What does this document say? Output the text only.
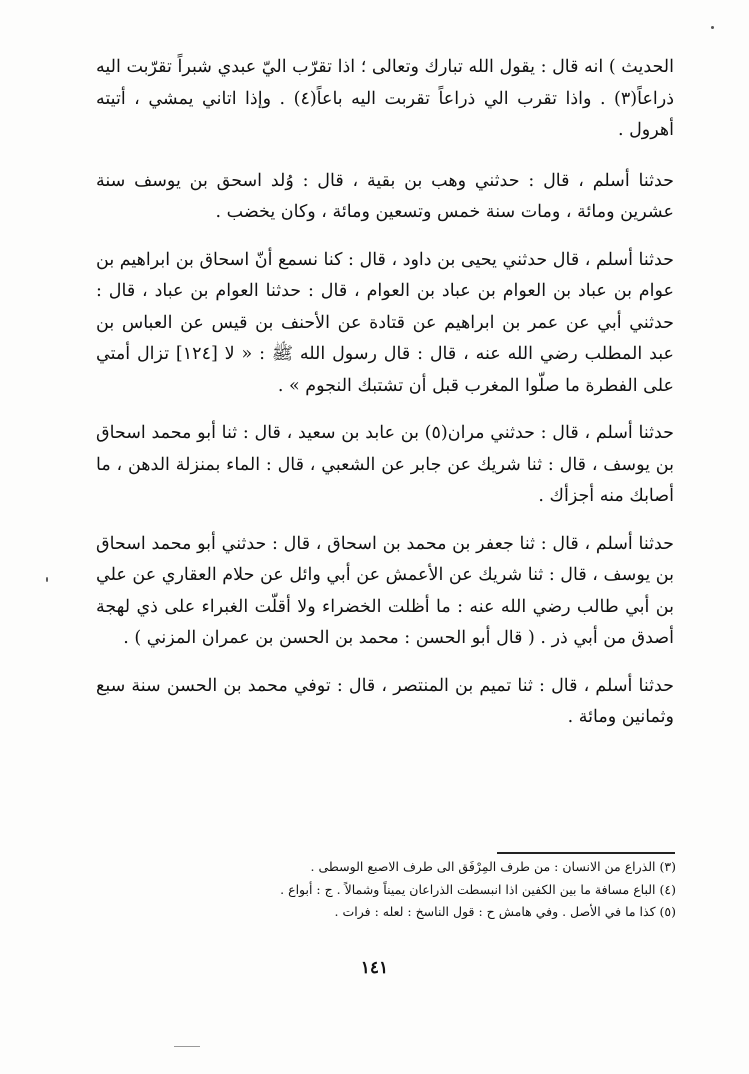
الحديث ) انه قال : يقول الله تبارك وتعالى ؛ اذا تقرّب اليّ عبدي شبراً تقرّبت اليه ذراعاً(٣) . واذا تقرب الي ذراعاً تقربت اليه باعاً(٤) . وإذا اتاني يمشي ، أتيته أهرول .

حدثنا أسلم ، قال : حدثني وهب بن بقية ، قال : وُلد اسحق بن يوسف سنة عشرين ومائة ، ومات سنة خمس وتسعين ومائة ، وكان يخضب .

حدثنا أسلم ، قال حدثني يحيى بن داود ، قال : كنا نسمع أنّ اسحاق بن ابراهيم بن عوام بن عباد بن العوام بن عباد بن العوام ، قال : حدثنا العوام بن عباد ، قال : حدثني أبي عن عمر بن ابراهيم عن قتادة عن الأحنف بن قيس عن العباس بن عبد المطلب رضي الله عنه ، قال : قال رسول الله ﷺ : « لا [١٢٤] تزال أمتي على الفطرة ما صلّوا المغرب قبل أن تشتبك النجوم » .

حدثنا أسلم ، قال : حدثني مران(٥) بن عابد بن سعيد ، قال : ثنا أبو محمد اسحاق بن يوسف ، قال : ثنا شريك عن جابر عن الشعبي ، قال : الماء بمنزلة الدهن ، ما أصابك منه أجزأك .

حدثنا أسلم ، قال : ثنا جعفر بن محمد بن اسحاق ، قال : حدثني أبو محمد اسحاق بن يوسف ، قال : ثنا شريك عن الأعمش عن أبي وائل عن حلام العقاري عن علي بن أبي طالب رضي الله عنه : ما أظلت الخضراء ولا أقلّت الغبراء على ذي لهجة أصدق من أبي ذر . ( قال أبو الحسن : محمد بن الحسن بن عمران المزني ) .

حدثنا أسلم ، قال : ثنا تميم بن المنتصر ، قال : توفي محمد بن الحسن سنة سبع وثمانين ومائة .

(٣) الذراع من الانسان : من طرف المِرْفَق الى طرف الاصبع الوسطى .

(٤) الباع مسافة ما بين الكفين اذا انبسطت الذراعان يميناً وشمالاً . ج : أبواع .

(٥) كذا ما في الأصل . وفي هامش ح : قول الناسخ : لعله : فرات .

١٤١
